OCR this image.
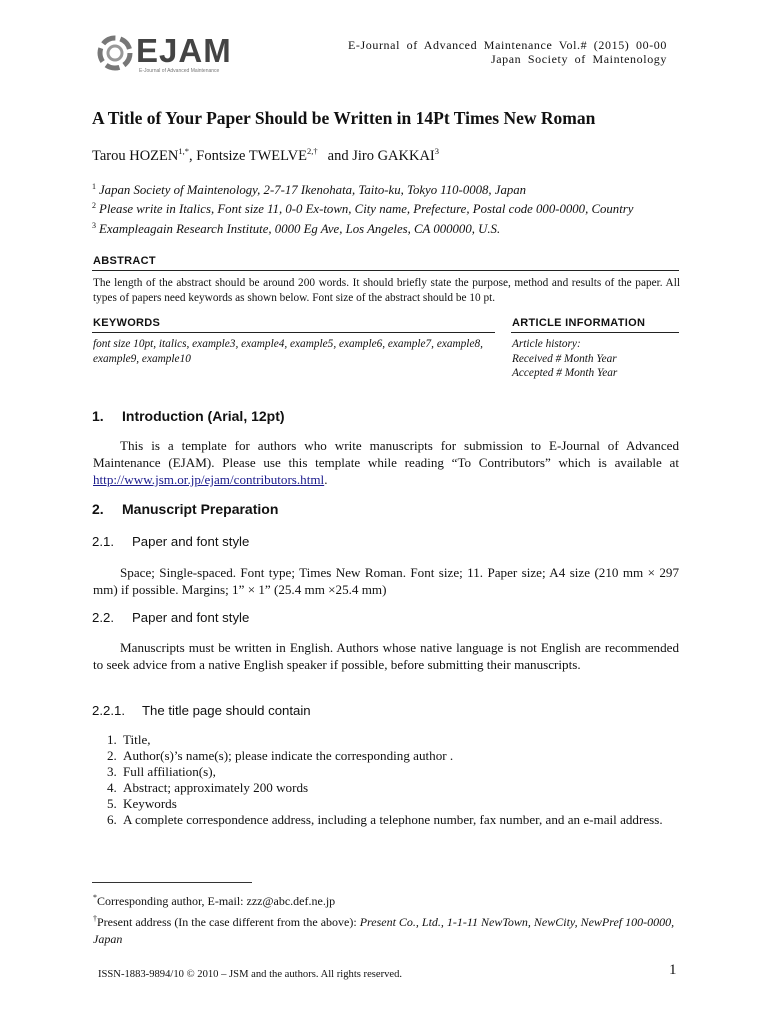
EJAM
E-Journal of Advanced Maintenance
E-Journal of Advanced Maintenance Vol.# (2015) 00-00
Japan Society of Maintenology
A Title of Your Paper Should be Written in 14Pt Times New Roman
Tarou $HOZEN^{1,*}$, Fontsize $TWELVE^{2,\dagger}$ and Jiro GAKKAI$^3$
$^1$ Japan Society of Maintenology, 2-7-17 Ikenohata, Taito-ku, Tokyo 110-0008, Japan
$^2$ Please write in Italics, Font size 11, 0-0 Ex-town, City name, Prefecture, Postal code 000-0000, Country
$^3$ Exampleagain Research Institute, 0000 Eg Ave, Los Angeles, CA 000000, U.S.
ABSTRACT
The length of the abstract should be around 200 words. It should briefly state the purpose, method and results of the paper. All types of papers need keywords as shown below. Font size of the abstract should be 10 pt.
KEYWORDS
font size 10pt, italics, example3, example4, example5, example6, example7, example8, example9, example10
ARTICLE INFORMATION
Article history:
Received # Month Year
Accepted # Month Year
1. Introduction (Arial, 12pt)
This is a template for authors who write manuscripts for submission to E-Journal of Advanced Maintenance (EJAM). Please use this template while reading “To Contributors” which is available at http://www.jsm.or.jp/ejam/contributors.html.
2. Manuscript Preparation
2.1. Paper and font style
Space; Single-spaced. Font type; Times New Roman. Font size; 11. Paper size; A4 size (210 mm × 297 mm) if possible. Margins; 1” × 1” (25.4 mm ×25.4 mm)
2.2. Paper and font style
Manuscripts must be written in English. Authors whose native language is not English are recommended to seek advice from a native English speaker if possible, before submitting their manuscripts.
2.2.1. The title page should contain
1. Title,
2. Author(s)’s name(s); please indicate the corresponding author .
3. Full affiliation(s),
4. Abstract; approximately 200 words
5. Keywords
6. A complete correspondence address, including a telephone number, fax number, and an e-mail address.
*Corresponding author, E-mail: zzz@abc.def.ne.jp
†Present address (In the case different from the above): Present Co., Ltd., 1-1-11 NewTown, NewCity, NewPref 100-0000, Japan
ISSN-1883-9894/10 © 2010 – JSM and the authors. All rights reserved.	1
